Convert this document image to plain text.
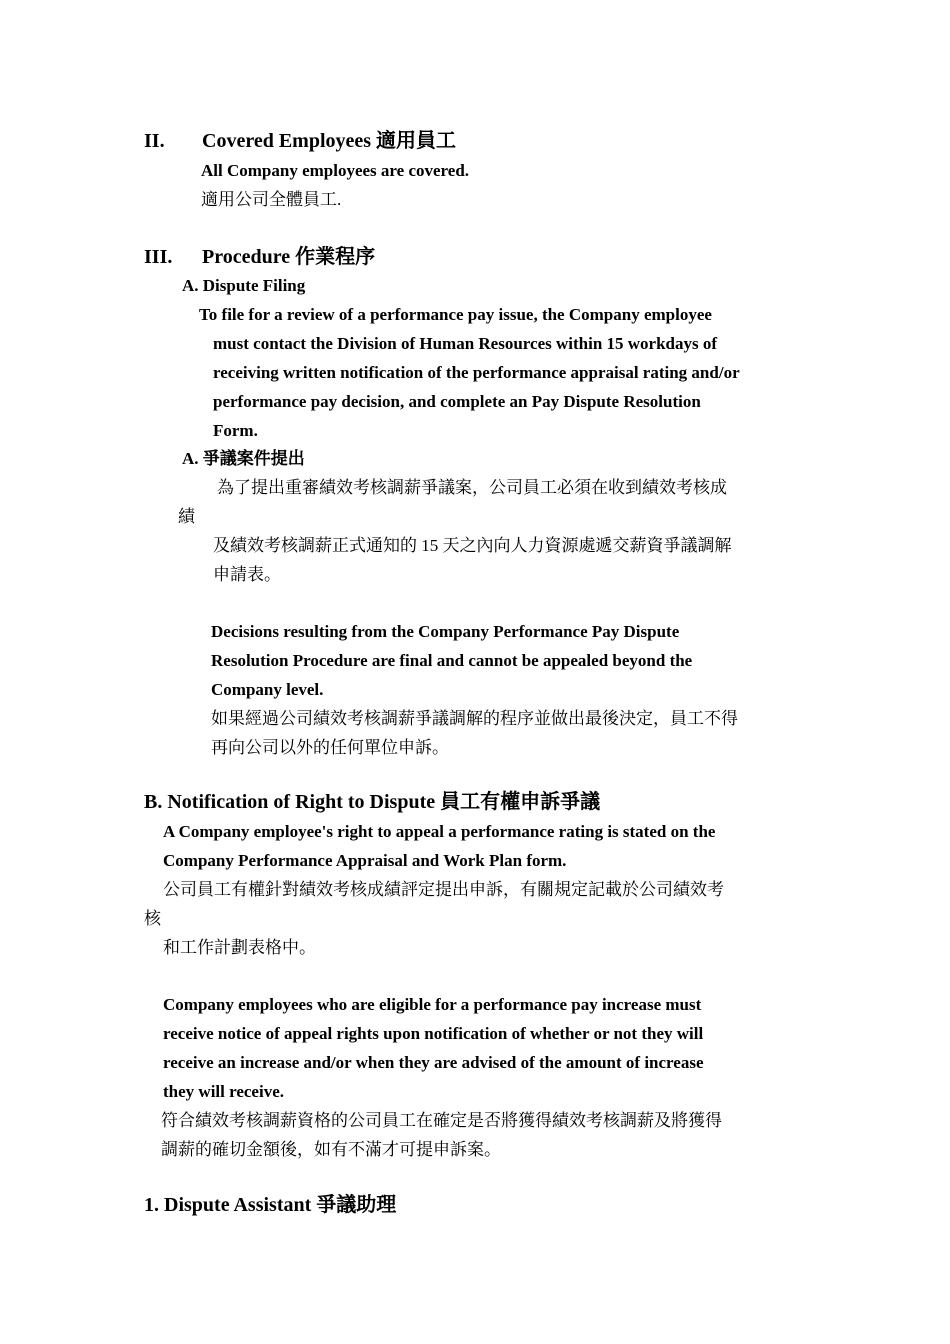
II. Covered Employees 適用員工
All Company employees are covered.
適用公司全體員工.
III. Procedure 作業程序
A. Dispute Filing
To file for a review of a performance pay issue, the Company employee
must contact the Division of Human Resources within 15 workdays of
receiving written notification of the performance appraisal rating and/or
performance pay decision, and complete an Pay Dispute Resolution
Form.
A. 爭議案件提出
為了提出重審績效考核調薪爭議案，公司員工必須在收到績效考核成
績
及績效考核調薪正式通知的 15 天之內向人力資源處遞交薪資爭議調解
申請表。
Decisions resulting from the Company Performance Pay Dispute
Resolution Procedure are final and cannot be appealed beyond the
Company level.
如果經過公司績效考核調薪爭議調解的程序並做出最後決定，員工不得
再向公司以外的任何單位申訴。
B. Notification of Right to Dispute 員工有權申訴爭議
A Company employee's right to appeal a performance rating is stated on the
Company Performance Appraisal and Work Plan form.
公司員工有權針對績效考核成績評定提出申訴，有關規定記載於公司績效考
核
和工作計劃表格中。
Company employees who are eligible for a performance pay increase must
receive notice of appeal rights upon notification of whether or not they will
receive an increase and/or when they are advised of the amount of increase
they will receive.
符合績效考核調薪資格的公司員工在確定是否將獲得績效考核調薪及將獲得
調薪的確切金額後，如有不滿才可提申訴案。
1. Dispute Assistant 爭議助理
